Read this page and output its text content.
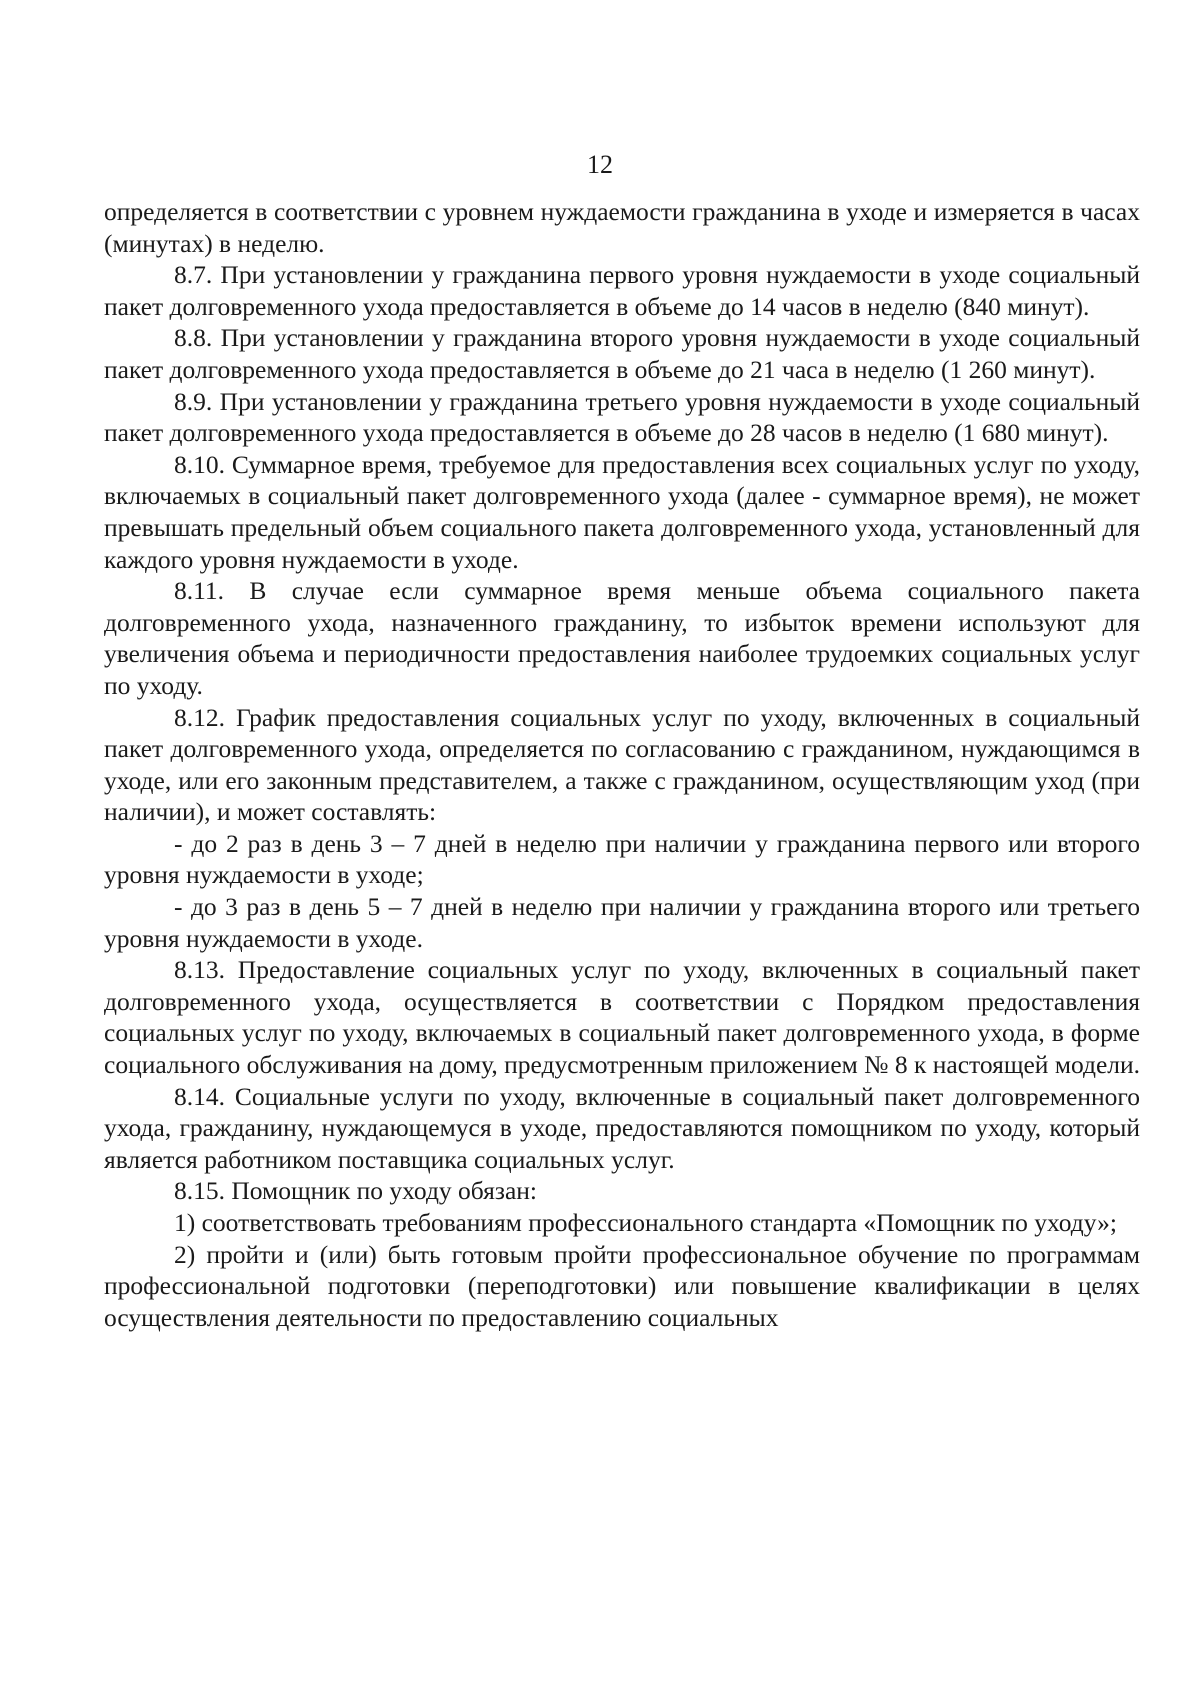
12

определяется в соответствии с уровнем нуждаемости гражданина в уходе и измеряется в часах (минутах) в неделю.

8.7. При установлении у гражданина первого уровня нуждаемости в уходе социальный пакет долговременного ухода предоставляется в объеме до 14 часов в неделю (840 минут).

8.8. При установлении у гражданина второго уровня нуждаемости в уходе социальный пакет долговременного ухода предоставляется в объеме до 21 часа в неделю (1 260 минут).

8.9. При установлении у гражданина третьего уровня нуждаемости в уходе социальный пакет долговременного ухода предоставляется в объеме до 28 часов в неделю (1 680 минут).

8.10. Суммарное время, требуемое для предоставления всех социальных услуг по уходу, включаемых в социальный пакет долговременного ухода (далее - суммарное время), не может превышать предельный объем социального пакета долговременного ухода, установленный для каждого уровня нуждаемости в уходе.

8.11. В случае если суммарное время меньше объема социального пакета долговременного ухода, назначенного гражданину, то избыток времени используют для увеличения объема и периодичности предоставления наиболее трудоемких социальных услуг по уходу.

8.12. График предоставления социальных услуг по уходу, включенных в социальный пакет долговременного ухода, определяется по согласованию с гражданином, нуждающимся в уходе, или его законным представителем, а также с гражданином, осуществляющим уход (при наличии), и может составлять:

- до 2 раз в день 3 – 7 дней в неделю при наличии у гражданина первого или второго уровня нуждаемости в уходе;

- до 3 раз в день 5 – 7 дней в неделю при наличии у гражданина второго или третьего уровня нуждаемости в уходе.

8.13. Предоставление социальных услуг по уходу, включенных в социальный пакет долговременного ухода, осуществляется в соответствии с Порядком предоставления социальных услуг по уходу, включаемых в социальный пакет долговременного ухода, в форме социального обслуживания на дому, предусмотренным приложением № 8 к настоящей модели.

8.14. Социальные услуги по уходу, включенные в социальный пакет долговременного ухода, гражданину, нуждающемуся в уходе, предоставляются помощником по уходу, который является работником поставщика социальных услуг.

8.15. Помощник по уходу обязан:

1) соответствовать требованиям профессионального стандарта «Помощник по уходу»;

2) пройти и (или) быть готовым пройти профессиональное обучение по программам профессиональной подготовки (переподготовки) или повышение квалификации в целях осуществления деятельности по предоставлению социальных
